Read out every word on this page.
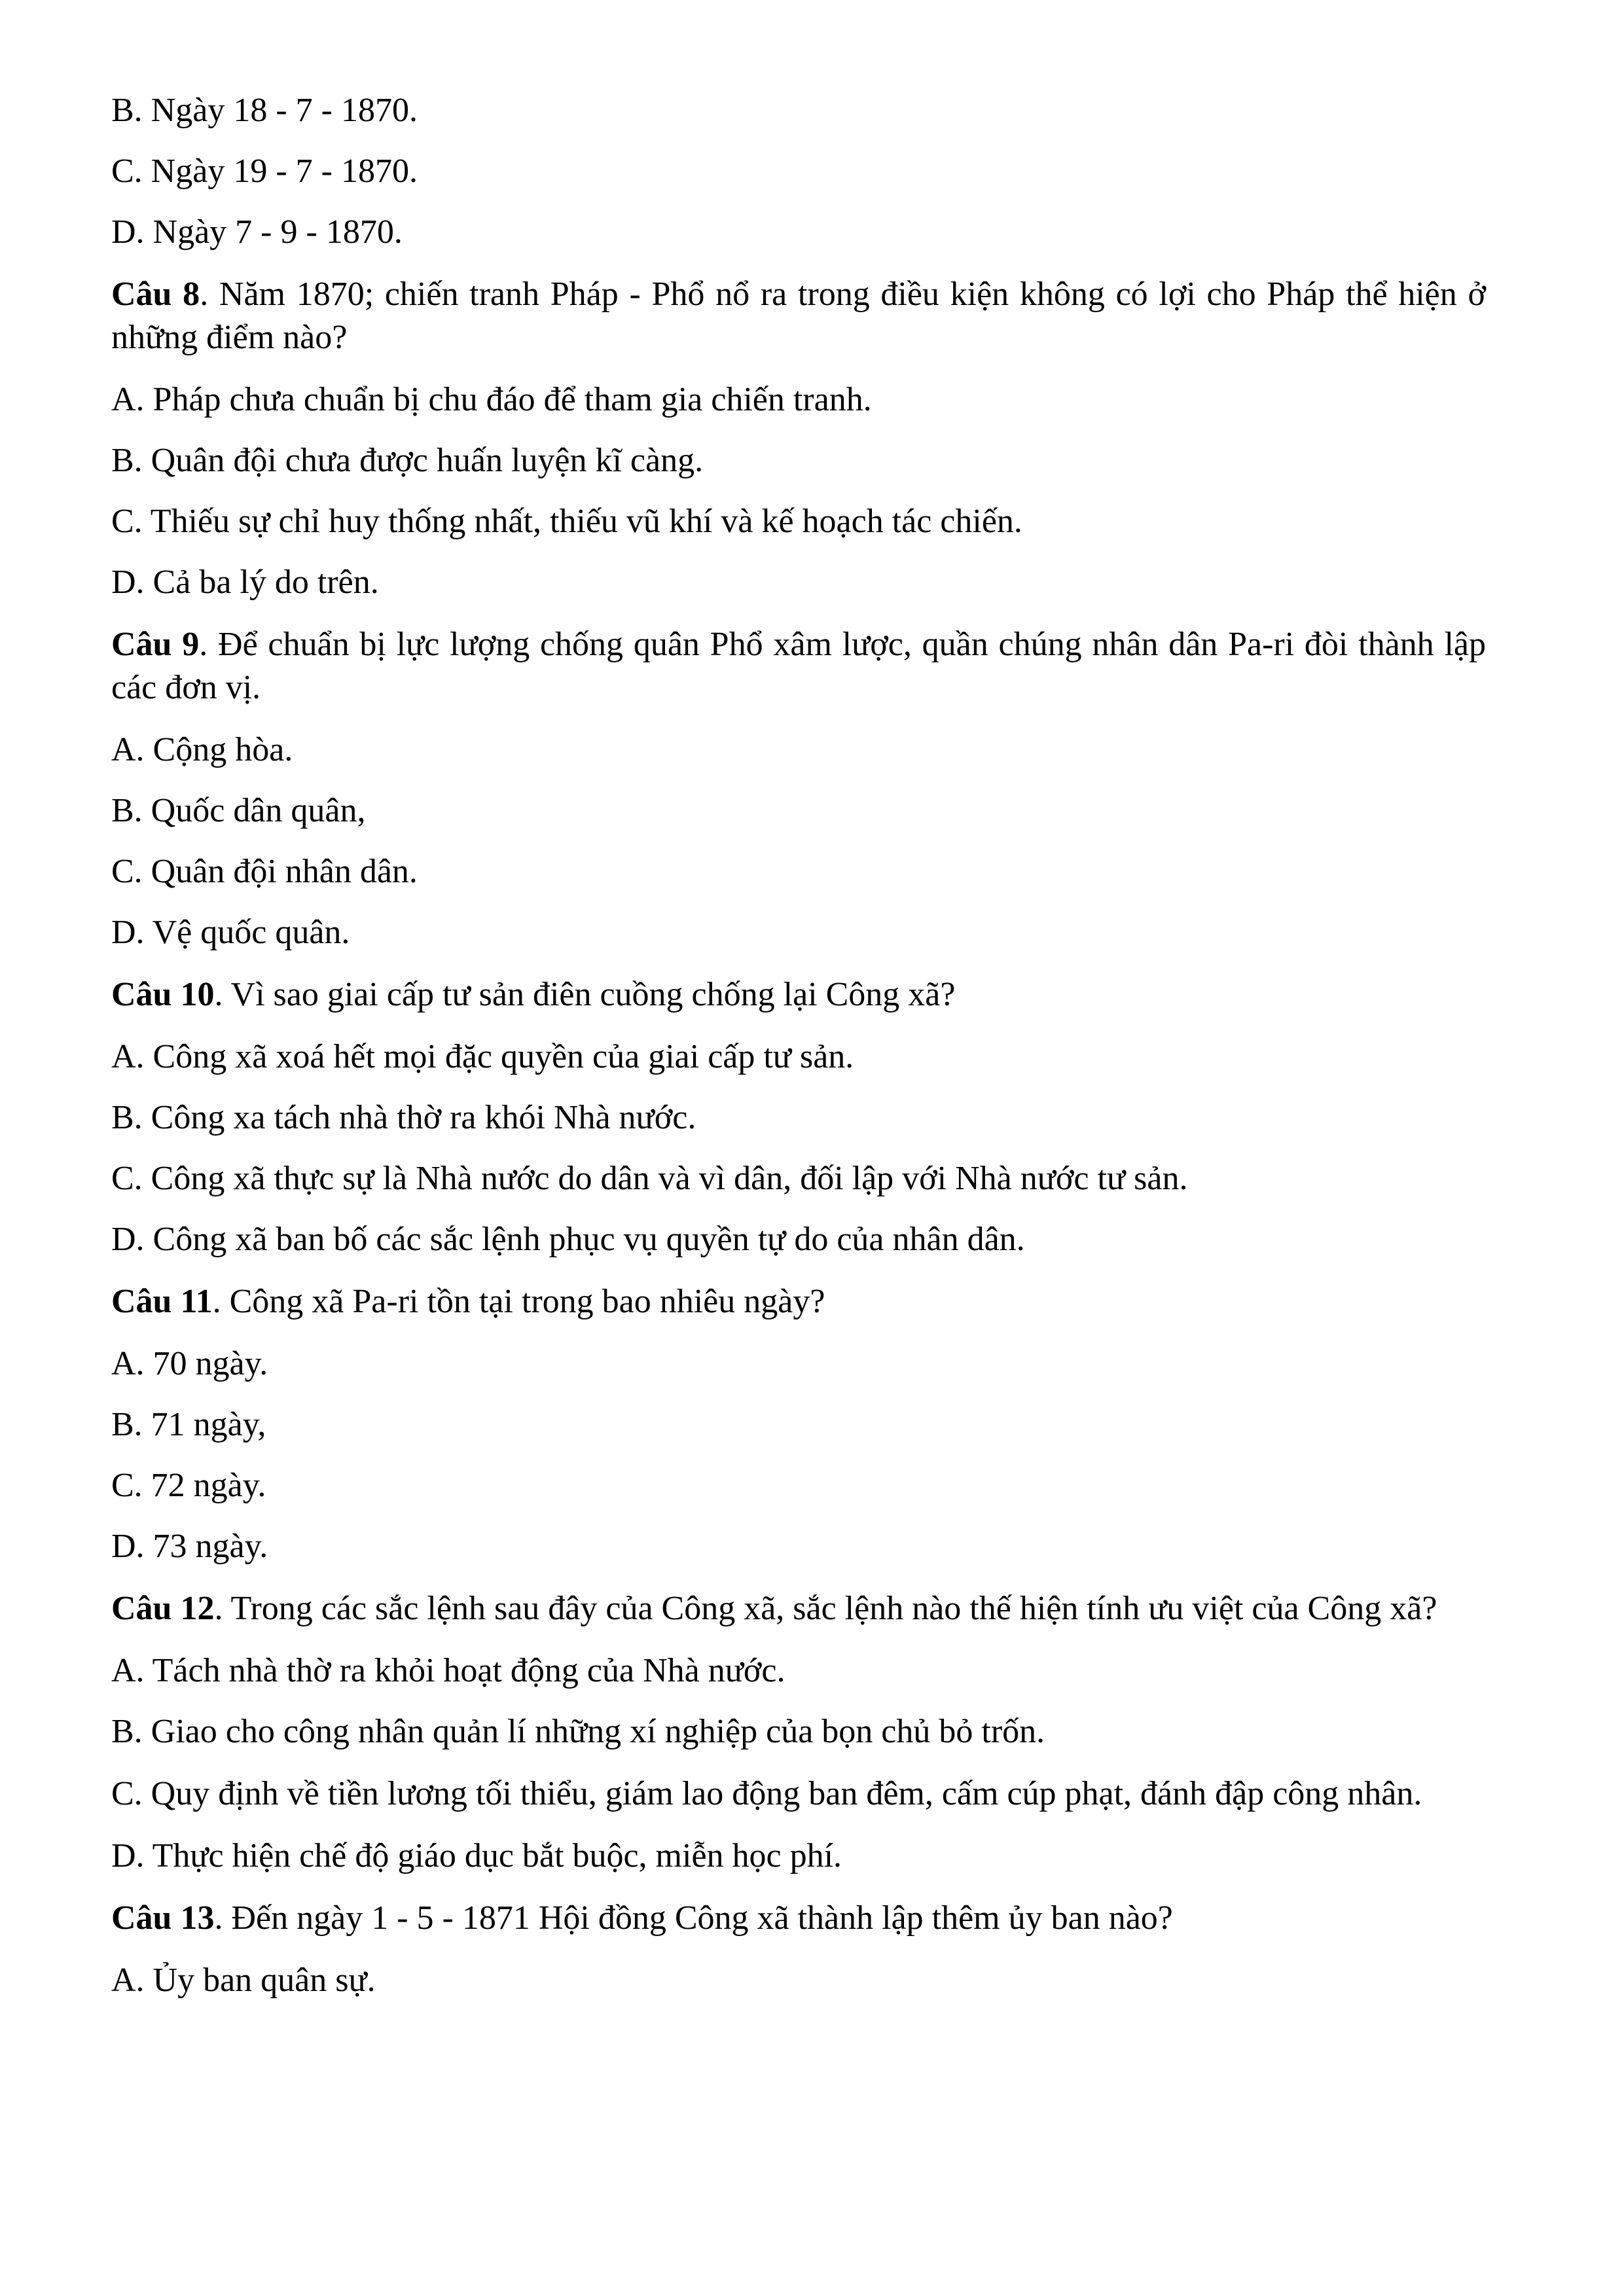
B. Ngày 18 - 7 - 1870.

C. Ngày 19 - 7 - 1870.

D. Ngày 7 - 9 - 1870.

Câu 8. Năm 1870; chiến tranh Pháp - Phổ nổ ra trong điều kiện không có lợi cho Pháp thể hiện ở những điểm nào?

A. Pháp chưa chuẩn bị chu đáo để tham gia chiến tranh.

B. Quân đội chưa được huấn luyện kĩ càng.

C. Thiếu sự chỉ huy thống nhất, thiếu vũ khí và kế hoạch tác chiến.

D. Cả ba lý do trên.

Câu 9. Để chuẩn bị lực lượng chống quân Phổ xâm lược, quần chúng nhân dân Pa-ri đòi thành lập các đơn vị.

A. Cộng hòa.

B. Quốc dân quân,

C. Quân đội nhân dân.

D. Vệ quốc quân.

Câu 10. Vì sao giai cấp tư sản điên cuồng chống lại Công xã?

A. Công xã xoá hết mọi đặc quyền của giai cấp tư sản.

B. Công xa tách nhà thờ ra khói Nhà nước.

C. Công xã thực sự là Nhà nước do dân và vì dân, đối lập với Nhà nước tư sản.

D. Công xã ban bố các sắc lệnh phục vụ quyền tự do của nhân dân.

Câu 11. Công xã Pa-ri tồn tại trong bao nhiêu ngày?

A. 70 ngày.

B. 71 ngày,

C. 72 ngày.

D. 73 ngày.

Câu 12. Trong các sắc lệnh sau đây của Công xã, sắc lệnh nào thế hiện tính ưu việt của Công xã?

A. Tách nhà thờ ra khỏi hoạt động của Nhà nước.

B. Giao cho công nhân quản lí những xí nghiệp của bọn chủ bỏ trốn.

C. Quy định về tiền lương tối thiểu, giám lao động ban đêm, cấm cúp phạt, đánh đập công nhân.

D. Thực hiện chế độ giáo dục bắt buộc, miễn học phí.

Câu 13. Đến ngày 1 - 5 - 1871 Hội đồng Công xã thành lập thêm ủy ban nào?

A. Ủy ban quân sự.
